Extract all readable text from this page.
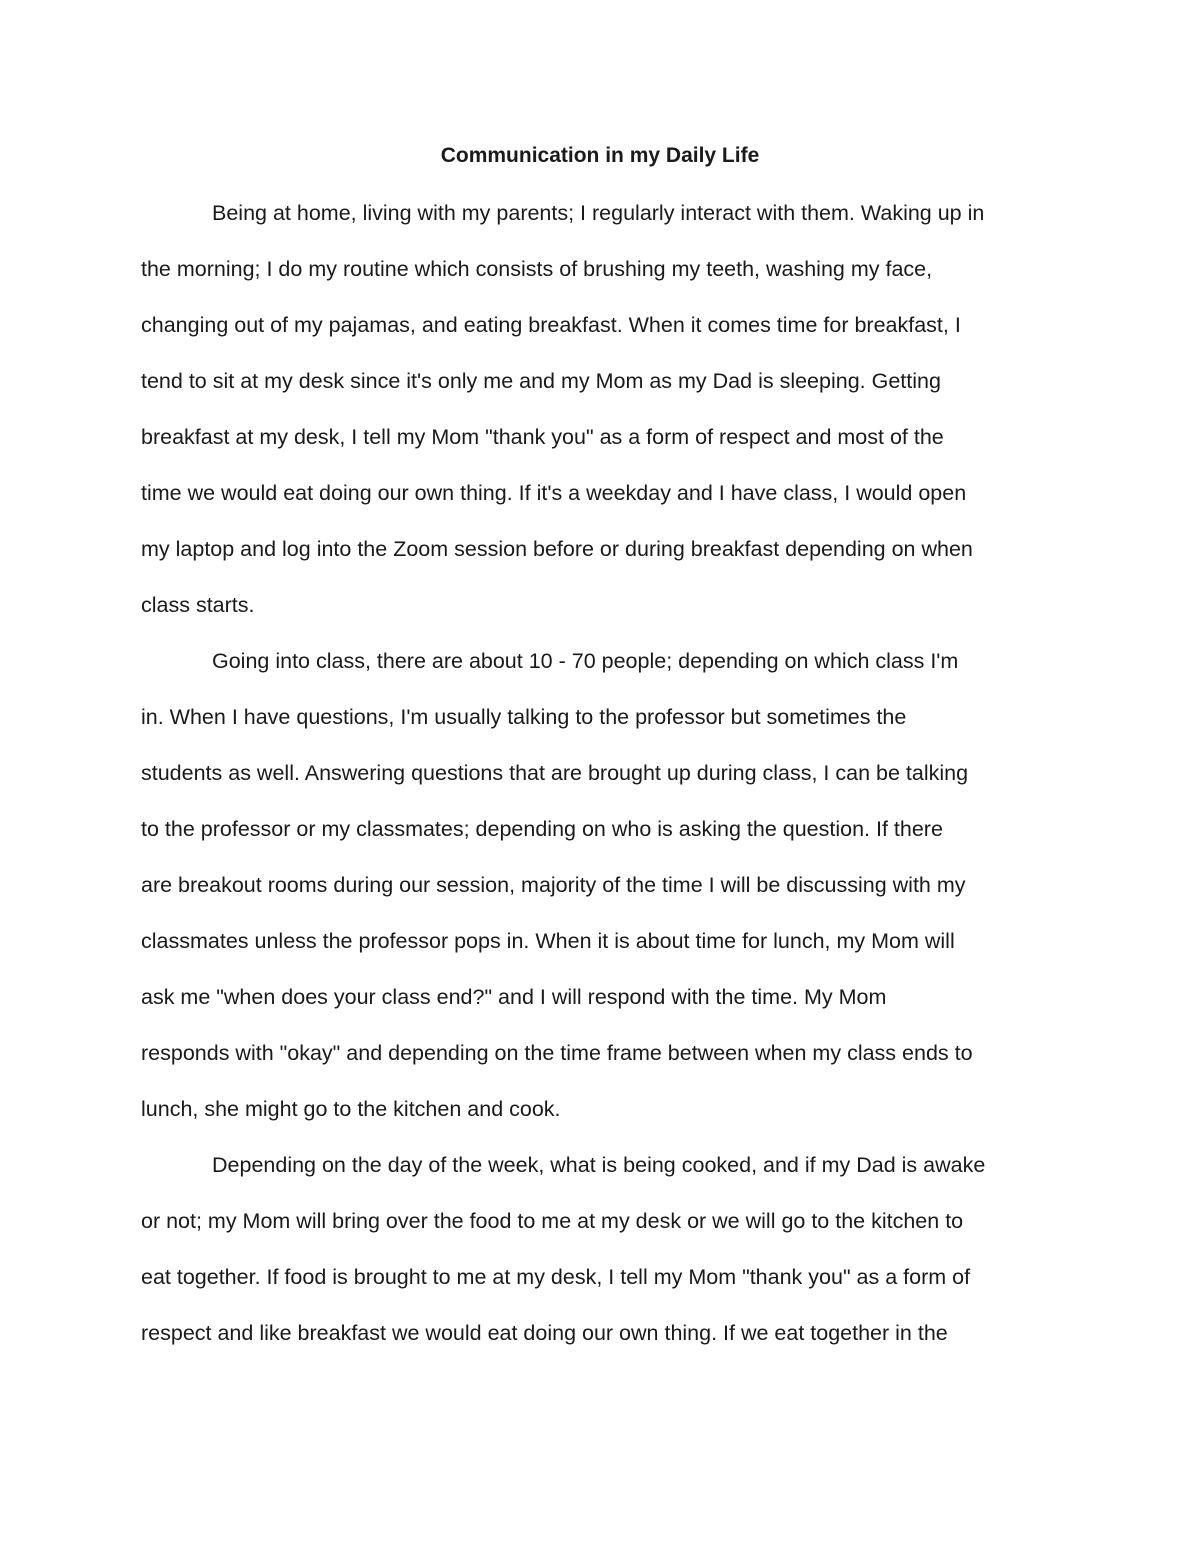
Communication in my Daily Life
Being at home, living with my parents; I regularly interact with them. Waking up in
the morning; I do my routine which consists of brushing my teeth, washing my face,
changing out of my pajamas, and eating breakfast. When it comes time for breakfast, I
tend to sit at my desk since it's only me and my Mom as my Dad is sleeping. Getting
breakfast at my desk, I tell my Mom "thank you" as a form of respect and most of the
time we would eat doing our own thing. If it's a weekday and I have class, I would open
my laptop and log into the Zoom session before or during breakfast depending on when
class starts.
Going into class, there are about 10 - 70 people; depending on which class I'm
in. When I have questions, I'm usually talking to the professor but sometimes the
students as well. Answering questions that are brought up during class, I can be talking
to the professor or my classmates; depending on who is asking the question. If there
are breakout rooms during our session, majority of the time I will be discussing with my
classmates unless the professor pops in. When it is about time for lunch, my Mom will
ask me "when does your class end?" and I will respond with the time. My Mom
responds with "okay" and depending on the time frame between when my class ends to
lunch, she might go to the kitchen and cook.
Depending on the day of the week, what is being cooked, and if my Dad is awake
or not; my Mom will bring over the food to me at my desk or we will go to the kitchen to
eat together. If food is brought to me at my desk, I tell my Mom "thank you" as a form of
respect and like breakfast we would eat doing our own thing. If we eat together in the
